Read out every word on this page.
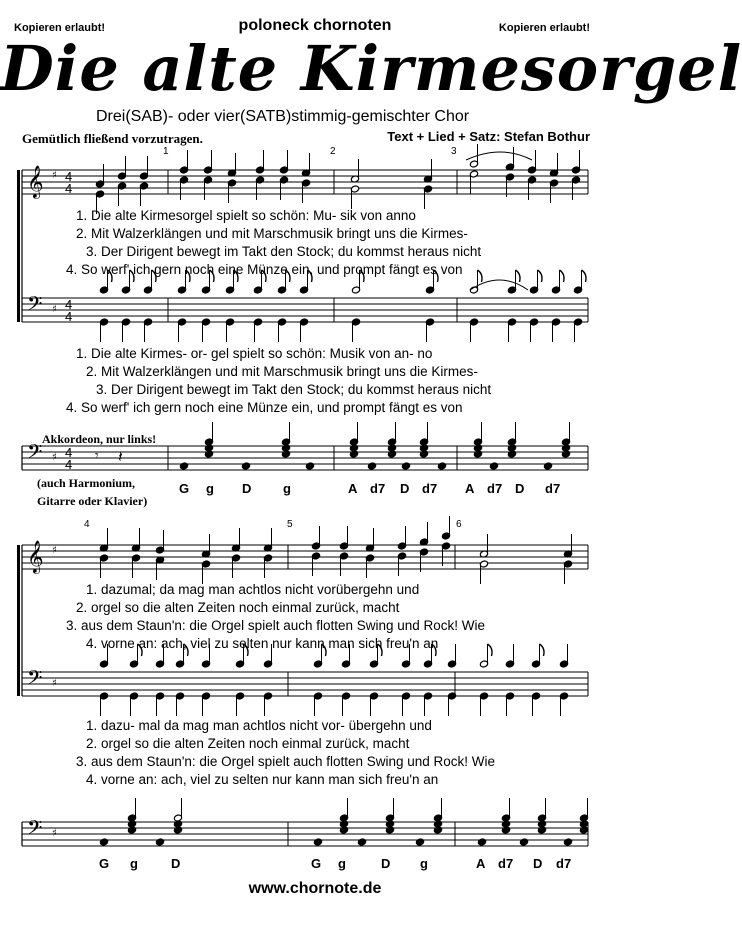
Kopieren erlaubt!	poloneck chornoten	Kopieren erlaubt!
Die alte Kirmesorgel
Drei(SAB)- oder vier(SATB)stimmig-gemischter Chor
Gemütlich fließend vorzutragen.	Text + Lied + Satz: Stefan Bothur
𝄞
𝄢
𝄢
♯
♯
♯
4
4
4
4
4
4
𝄾 𝄽
𝄞
𝄢
𝄢
♯
♯
♯
1	2	3
1. Die alte Kirmesorgel spielt so schön: Mu- sik von anno
2. Mit Walzerklängen und mit Marschmusik bringt uns die Kirmes-
3. Der Dirigent bewegt im Takt den Stock; du kommst heraus nicht
4. So werf' ich gern noch eine Münze ein, und prompt fängt es von
1. Die alte Kirmes- or- gel spielt so schön: Musik von an- no
2. Mit Walzerklängen und mit Marschmusik bringt uns die Kirmes-
3. Der Dirigent bewegt im Takt den Stock; du kommst heraus nicht
4. So werf' ich gern noch eine Münze ein, und prompt fängt es von
Akkordeon, nur links!
(auch Harmonium,
Gitarre oder Klavier)
G g D g	A d7 D d7 A d7 D d7
4	5	6
1. dazumal; da mag man achtlos nicht vorübergehn und
2. orgel so die alten Zeiten noch einmal zurück, macht
3. aus dem Staun'n: die Orgel spielt auch flotten Swing und Rock! Wie
4. vorne an: ach, viel zu selten nur kann man sich freu'n an
1. dazu- mal da mag man achtlos nicht vor- übergehn und
2. orgel so die alten Zeiten noch einmal zurück, macht
3. aus dem Staun'n: die Orgel spielt auch flotten Swing und Rock! Wie
4. vorne an: ach, viel zu selten nur kann man sich freu'n an
G g	D	G g	D g	A d7 D d7
www.chornote.de
